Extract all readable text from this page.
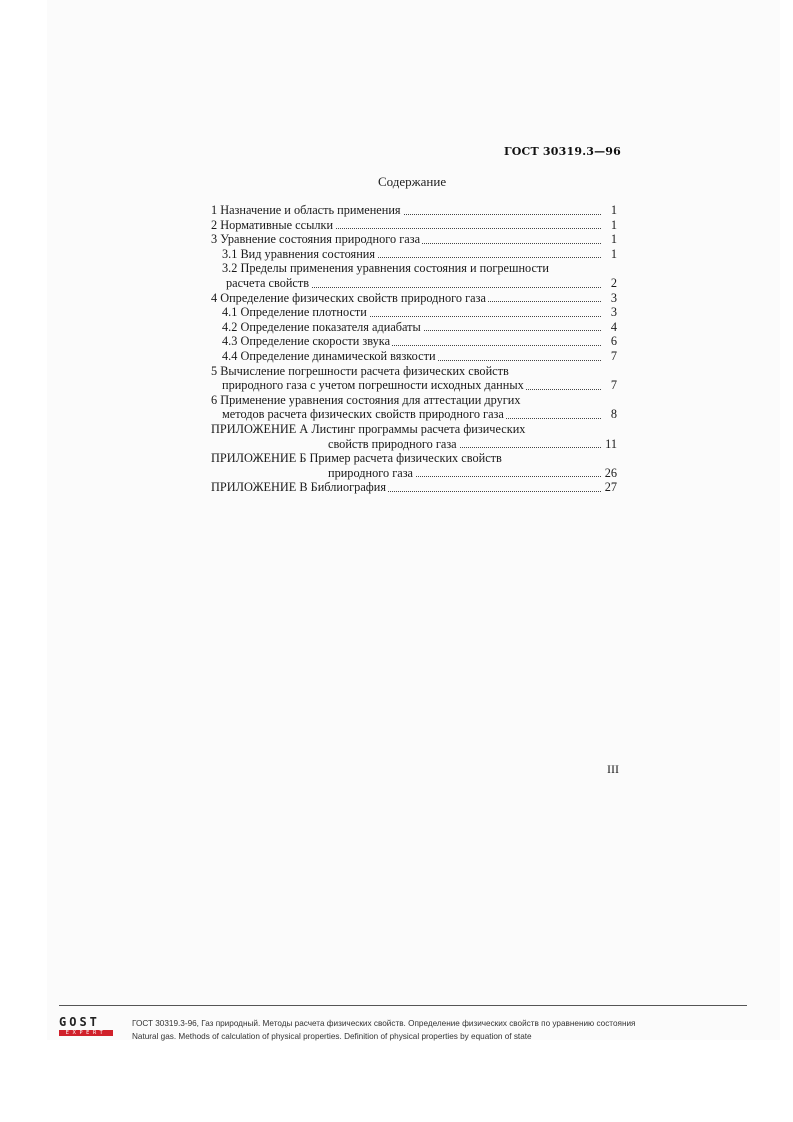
ГОСТ 30319.3—96
Содержание
1 Назначение и область применения	1
2 Нормативные ссылки	1
3 Уравнение состояния природного газа	1
3.1 Вид уравнения состояния	1
3.2 Пределы применения уравнения состояния и погрешности
расчета свойств	2
4 Определение физических свойств природного газа	3
4.1 Определение плотности	3
4.2 Определение показателя адиабаты	4
4.3 Определение скорости звука	6
4.4 Определение динамической вязкости	7
5 Вычисление погрешности расчета физических свойств
природного газа с учетом погрешности исходных данных	7
6 Применение уравнения состояния для аттестации других
методов расчета физических свойств природного газа	8
ПРИЛОЖЕНИЕ А Листинг программы расчета физических
свойств природного газа	11
ПРИЛОЖЕНИЕ Б Пример расчета физических свойств
природного газа	26
ПРИЛОЖЕНИЕ В Библиография	27
III
GOST
EXPERT
ГОСТ 30319.3-96, Газ природный. Методы расчета физических свойств. Определение физических свойств по уравнению состояния
Natural gas. Methods of calculation of physical properties. Definition of physical properties by equation of state
